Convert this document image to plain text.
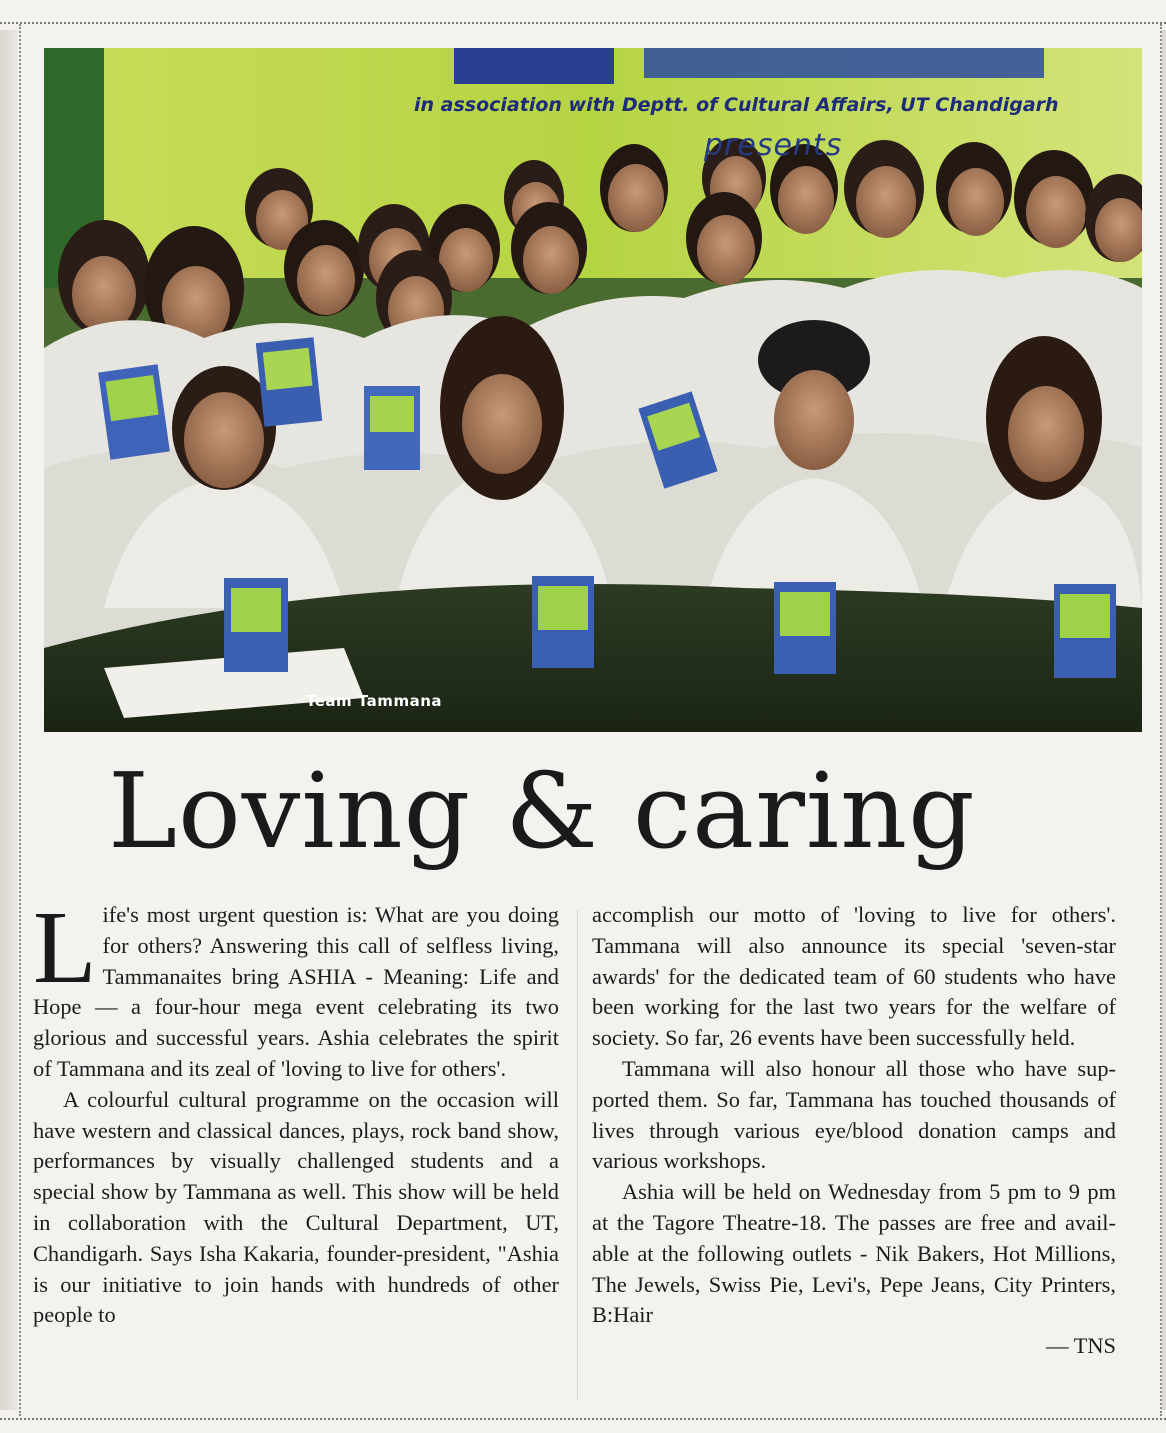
in association with Deptt. of Cultural Affairs, UT Chandigarh
presents
Team Tammana
Loving & caring

Life's most urgent question is: What are you doing for others? Answering this call of selfless living, Tammanaites bring ASHIA - Meaning: Life and Hope — a four-hour mega event celebrating its two glorious and successful years. Ashia celebrates the spirit of Tammana and its zeal of 'loving to live for others'.

A colourful cultural programme on the occasion will have western and classical dances, plays, rock band show, performances by visually challenged students and a special show by Tammana as well. This show will be held in collaboration with the Cultural Department, UT, Chandigarh. Says Isha Kakaria, founder-president, "Ashia is our initiative to join hands with hundreds of other people to

accomplish our motto of 'loving to live for others'. Tammana will also announce its special 'seven-star awards' for the dedicated team of 60 students who have been working for the last two years for the welfare of society. So far, 26 events have been successfully held.

Tammana will also honour all those who have supported them. So far, Tammana has touched thousands of lives through various eye/blood donation camps and various workshops.

Ashia will be held on Wednesday from 5 pm to 9 pm at the Tagore Theatre-18. The passes are free and available at the following outlets - Nik Bakers, Hot Millions, The Jewels, Swiss Pie, Levi's, Pepe Jeans, City Printers, B:Hair

— TNS
